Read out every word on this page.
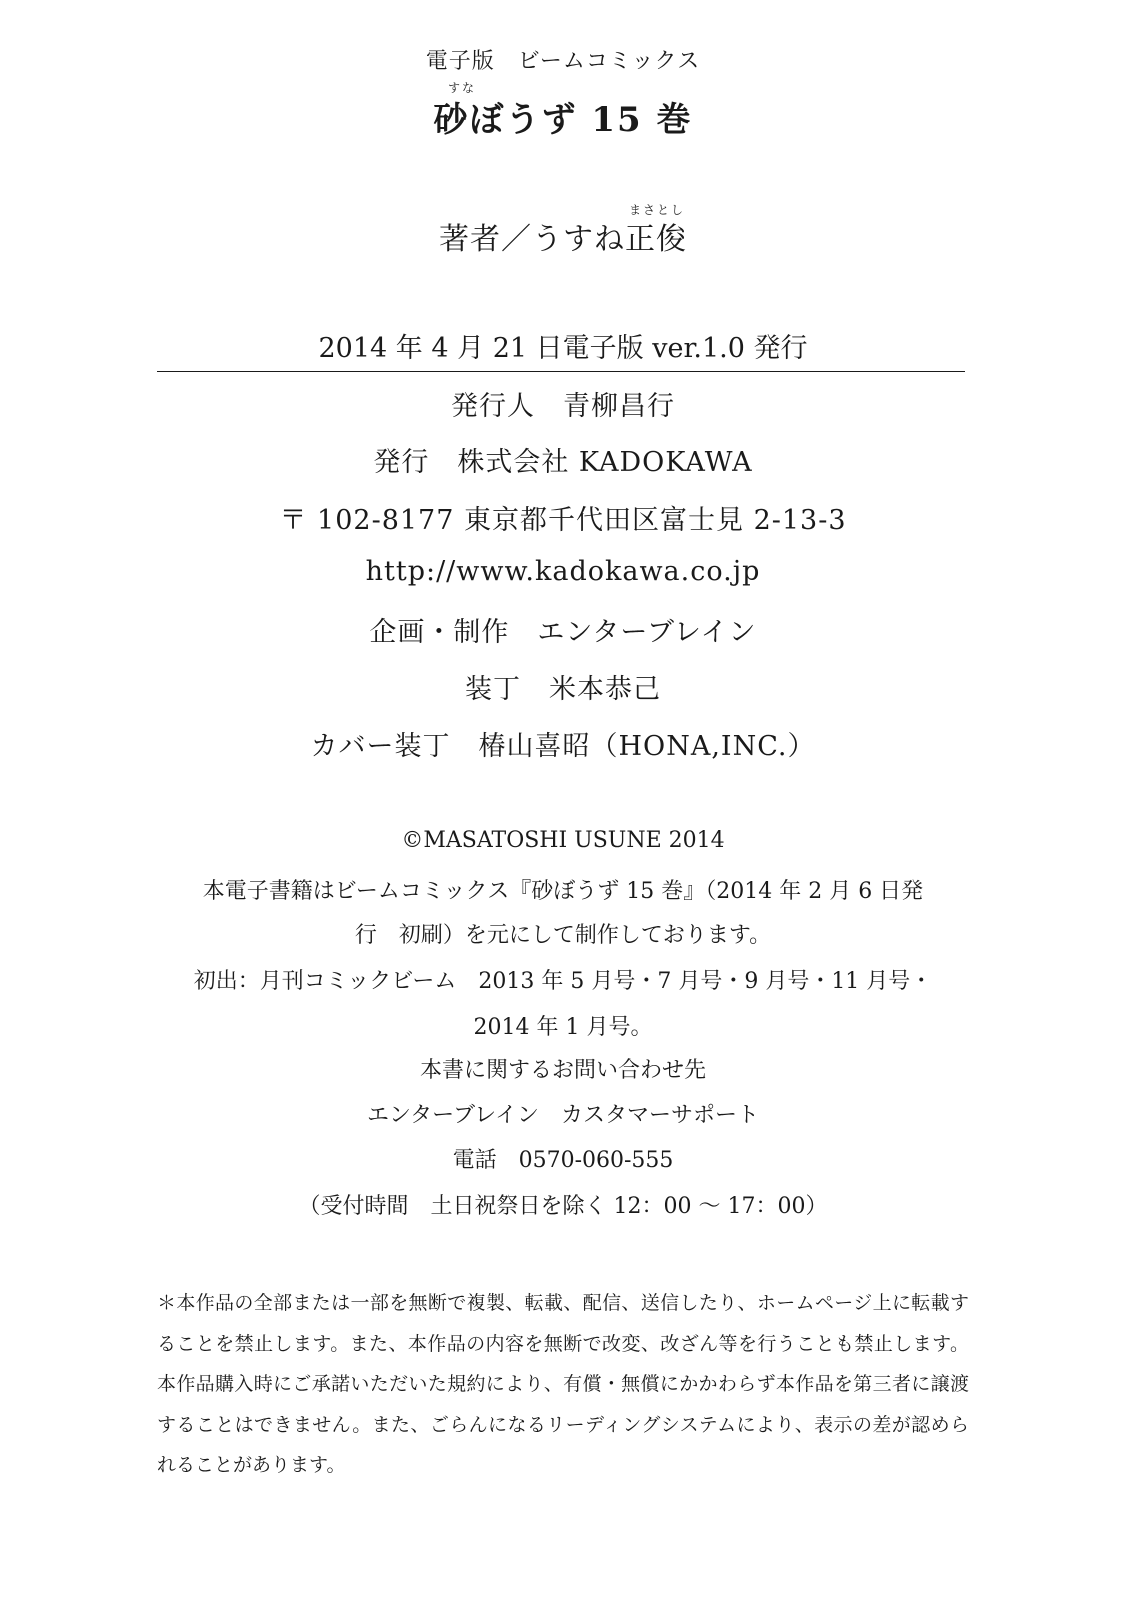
電子版　ビームコミックス
すな
砂ぼうず 15 巻
まさとし
著者／うすね正俊
2014 年 4 月 21 日電子版 ver.1.0 発行
発行人　青柳昌行
発行　株式会社 KADOKAWA
〒 102-8177 東京都千代田区富士見 2-13-3
http://www.kadokawa.co.jp
企画・制作　エンターブレイン
装丁　米本恭己
カバー装丁　椿山喜昭（HONA,INC.）
©MASATOSHI USUNE 2014
本電子書籍はビームコミックス『砂ぼうず 15 巻』（2014 年 2 月 6 日発
行　初刷）を元にして制作しております。
初出：月刊コミックビーム　2013 年 5 月号・7 月号・9 月号・11 月号・
2014 年 1 月号。
本書に関するお問い合わせ先
エンターブレイン　カスタマーサポート
電話　0570-060-555
（受付時間　土日祝祭日を除く 12：00 〜 17：00）
＊本作品の全部または一部を無断で複製、転載、配信、送信したり、ホームページ上に転載することを禁止します。また、本作品の内容を無断で改変、改ざん等を行うことも禁止します。本作品購入時にご承諾いただいた規約により、有償・無償にかかわらず本作品を第三者に譲渡することはできません。また、ごらんになるリーディングシステムにより、表示の差が認められることがあります。
